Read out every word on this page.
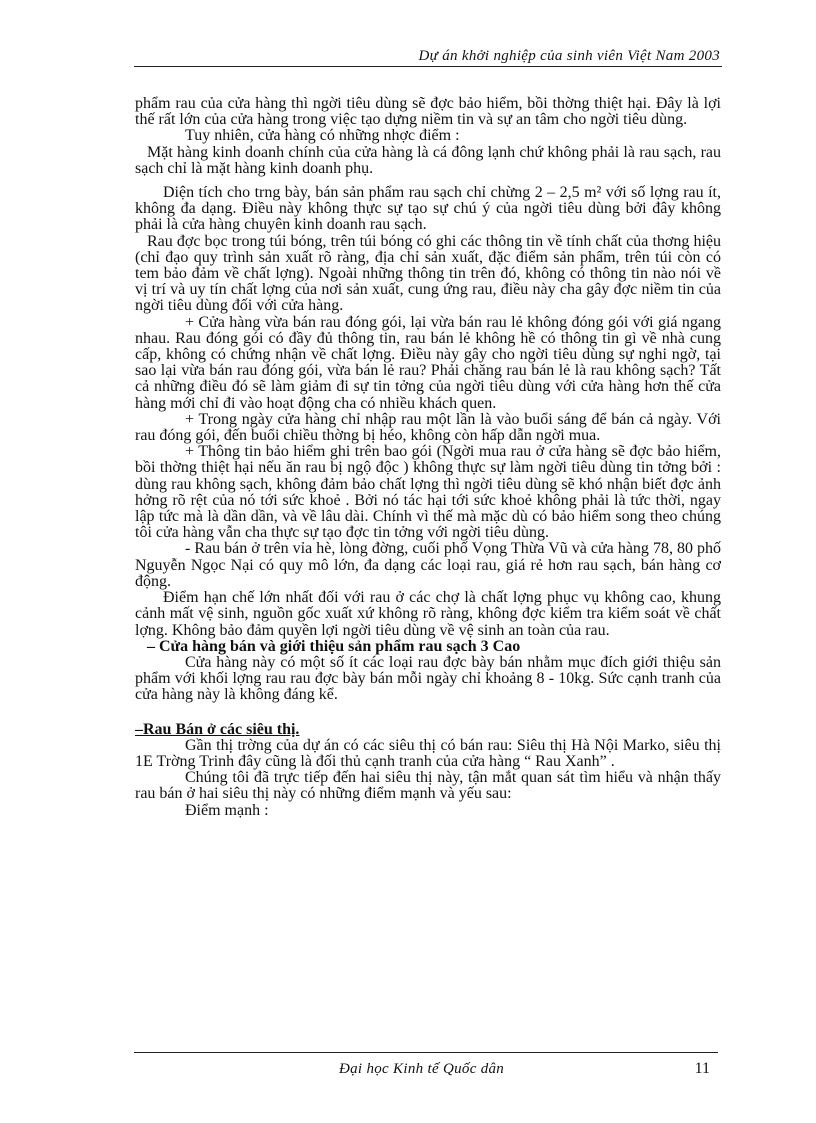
Dự án khởi nghiệp của sinh viên Việt Nam 2003

phẩm rau của cửa hàng thì ngời tiêu dùng sẽ đợc bảo hiểm, bồi thờng thiệt hại. Đây là lợi thế rất lớn của cửa hàng trong việc tạo dựng niềm tin và sự an tâm cho ngời tiêu dùng.

Tuy nhiên, cửa hàng có những nhợc điểm :

Mặt hàng kinh doanh chính của cửa hàng là cá đông lạnh chứ không phải là rau sạch, rau sạch chỉ là mặt hàng kinh doanh phụ.

Diện tích cho trng bày, bán sản phẩm rau sạch chỉ chừng 2 – 2,5 m² với số lợng rau ít, không đa dạng. Điều này không thực sự tạo sự chú ý của ngời tiêu dùng bởi đây không phải là cửa hàng chuyên kinh doanh rau sạch.

Rau đợc bọc trong túi bóng, trên túi bóng có ghi các thông tin về tính chất của thơng hiệu (chỉ đạo quy trình sản xuất rõ ràng, địa chỉ sản xuất, đặc điểm sản phẩm, trên túi còn có tem bảo đảm về chất lợng). Ngoài những thông tin trên đó, không có thông tin nào nói về vị trí và uy tín chất lợng của nơi sản xuất, cung ứng rau, điều này cha gây đợc niềm tin của ngời tiêu dùng đối với cửa hàng.

+ Cửa hàng vừa bán rau đóng gói, lại vừa bán rau lẻ không đóng gói với giá ngang nhau. Rau đóng gói có đầy đủ thông tin, rau bán lẻ không hề có thông tin gì về nhà cung cấp, không có chứng nhận về chất lợng. Điều này gây cho ngời tiêu dùng sự nghi ngờ, tại sao lại vừa bán rau đóng gói, vừa bán lẻ rau? Phải chăng rau bán lẻ là rau không sạch? Tất cả những điều đó sẽ làm giảm đi sự tin tởng của ngời tiêu dùng với cửa hàng hơn thế cửa hàng mới chỉ đi vào hoạt động cha có nhiều khách quen.

+ Trong ngày cửa hàng chỉ nhập rau một lần là vào buổi sáng để bán cả ngày. Với rau đóng gói, đến buổi chiều thờng bị héo, không còn hấp dẫn ngời mua.

+ Thông tin bảo hiểm ghi trên bao gói (Ngời mua rau ở cửa hàng sẽ đợc bảo hiểm, bồi thờng thiệt hại nếu ăn rau bị ngộ độc ) không thực sự làm ngời tiêu dùng tin tởng bởi : dùng rau không sạch, không đảm bảo chất lợng thì ngời tiêu dùng sẽ khó nhận biết đợc ảnh hởng rõ rệt của nó tới sức khoẻ . Bởi nó tác hại tới sức khoẻ không phải là tức thời, ngay lập tức mà là dần dần, và về lâu dài. Chính vì thế mà mặc dù có bảo hiểm song theo chúng tôi cửa hàng vẫn cha thực sự tạo đợc tin tởng với ngời tiêu dùng.

- Rau bán ở trên vỉa hè, lòng đờng, cuối phố Vọng Thừa Vũ và cửa hàng 78, 80 phố Nguyễn Ngọc Nại có quy mô lớn, đa dạng các loại rau, giá rẻ hơn rau sạch, bán hàng cơ động.

Điểm hạn chế lớn nhất đối với rau ở các chợ là chất lợng phục vụ không cao, khung cảnh mất vệ sinh, nguồn gốc xuất xứ không rõ ràng, không đợc kiểm tra kiểm soát về chất lợng. Không bảo đảm quyền lợi ngời tiêu dùng về vệ sinh an toàn của rau.

– Cửa hàng bán và giới thiệu sản phẩm rau sạch 3 Cao

Cửa hàng này có một số ít các loại rau đợc bày bán nhằm mục đích giới thiệu sản phẩm với khối lợng rau rau đợc bày bán mỗi ngày chỉ khoảng 8 - 10kg. Sức cạnh tranh của cửa hàng này là không đáng kể.

–Rau Bán ở các siêu thị.

Gần thị trờng của dự án có các siêu thị có bán rau: Siêu thị Hà Nội Marko, siêu thị 1E Trờng Trinh đây cũng là đối thủ cạnh tranh của cửa hàng “ Rau Xanh” .

Chúng tôi đã trực tiếp đến hai siêu thị này, tận mắt quan sát tìm hiểu và nhận thấy rau bán ở hai siêu thị này có những điểm mạnh và yếu sau:

Điểm mạnh :

Đại học Kinh tế Quốc dân	11
